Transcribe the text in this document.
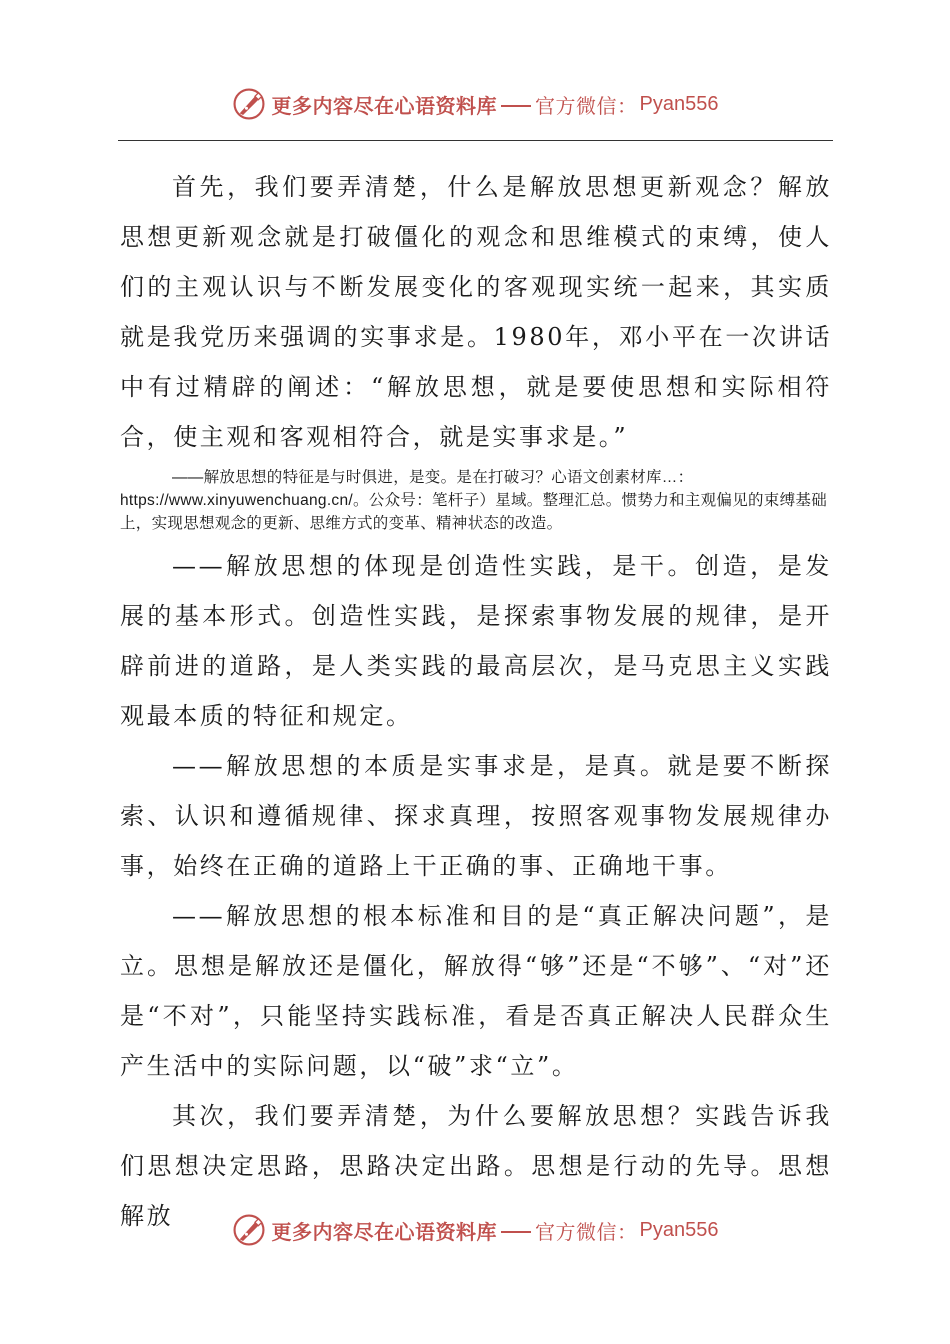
更多内容尽在心语资料库 官方微信： Pyan556

首先，我们要弄清楚，什么是解放思想更新观念？解放思想更新观念就是打破僵化的观念和思维模式的束缚，使人们的主观认识与不断发展变化的客观现实统一起来，其实质就是我党历来强调的实事求是。1980年，邓小平在一次讲话中有过精辟的阐述：“解放思想，就是要使思想和实际相符合，使主观和客观相符合，就是实事求是。”

——解放思想的特征是与时俱进，是变。是在打破习？心语文创素材库…：https://www.xinyuwenchuang.cn/。公众号：笔杆子）星域。整理汇总。惯势力和主观偏见的束缚基础上，实现思想观念的更新、思维方式的变革、精神状态的改造。

——解放思想的体现是创造性实践，是干。创造，是发展的基本形式。创造性实践，是探索事物发展的规律，是开辟前进的道路，是人类实践的最高层次，是马克思主义实践观最本质的特征和规定。

——解放思想的本质是实事求是，是真。就是要不断探索、认识和遵循规律、探求真理，按照客观事物发展规律办事，始终在正确的道路上干正确的事、正确地干事。

——解放思想的根本标准和目的是“真正解决问题”，是立。思想是解放还是僵化，解放得“够”还是“不够”、“对”还是“不对”，只能坚持实践标准，看是否真正解决人民群众生产生活中的实际问题，以“破”求“立”。

其次，我们要弄清楚，为什么要解放思想？实践告诉我们思想决定思路，思路决定出路。思想是行动的先导。思想解放

更多内容尽在心语资料库 官方微信： Pyan556
